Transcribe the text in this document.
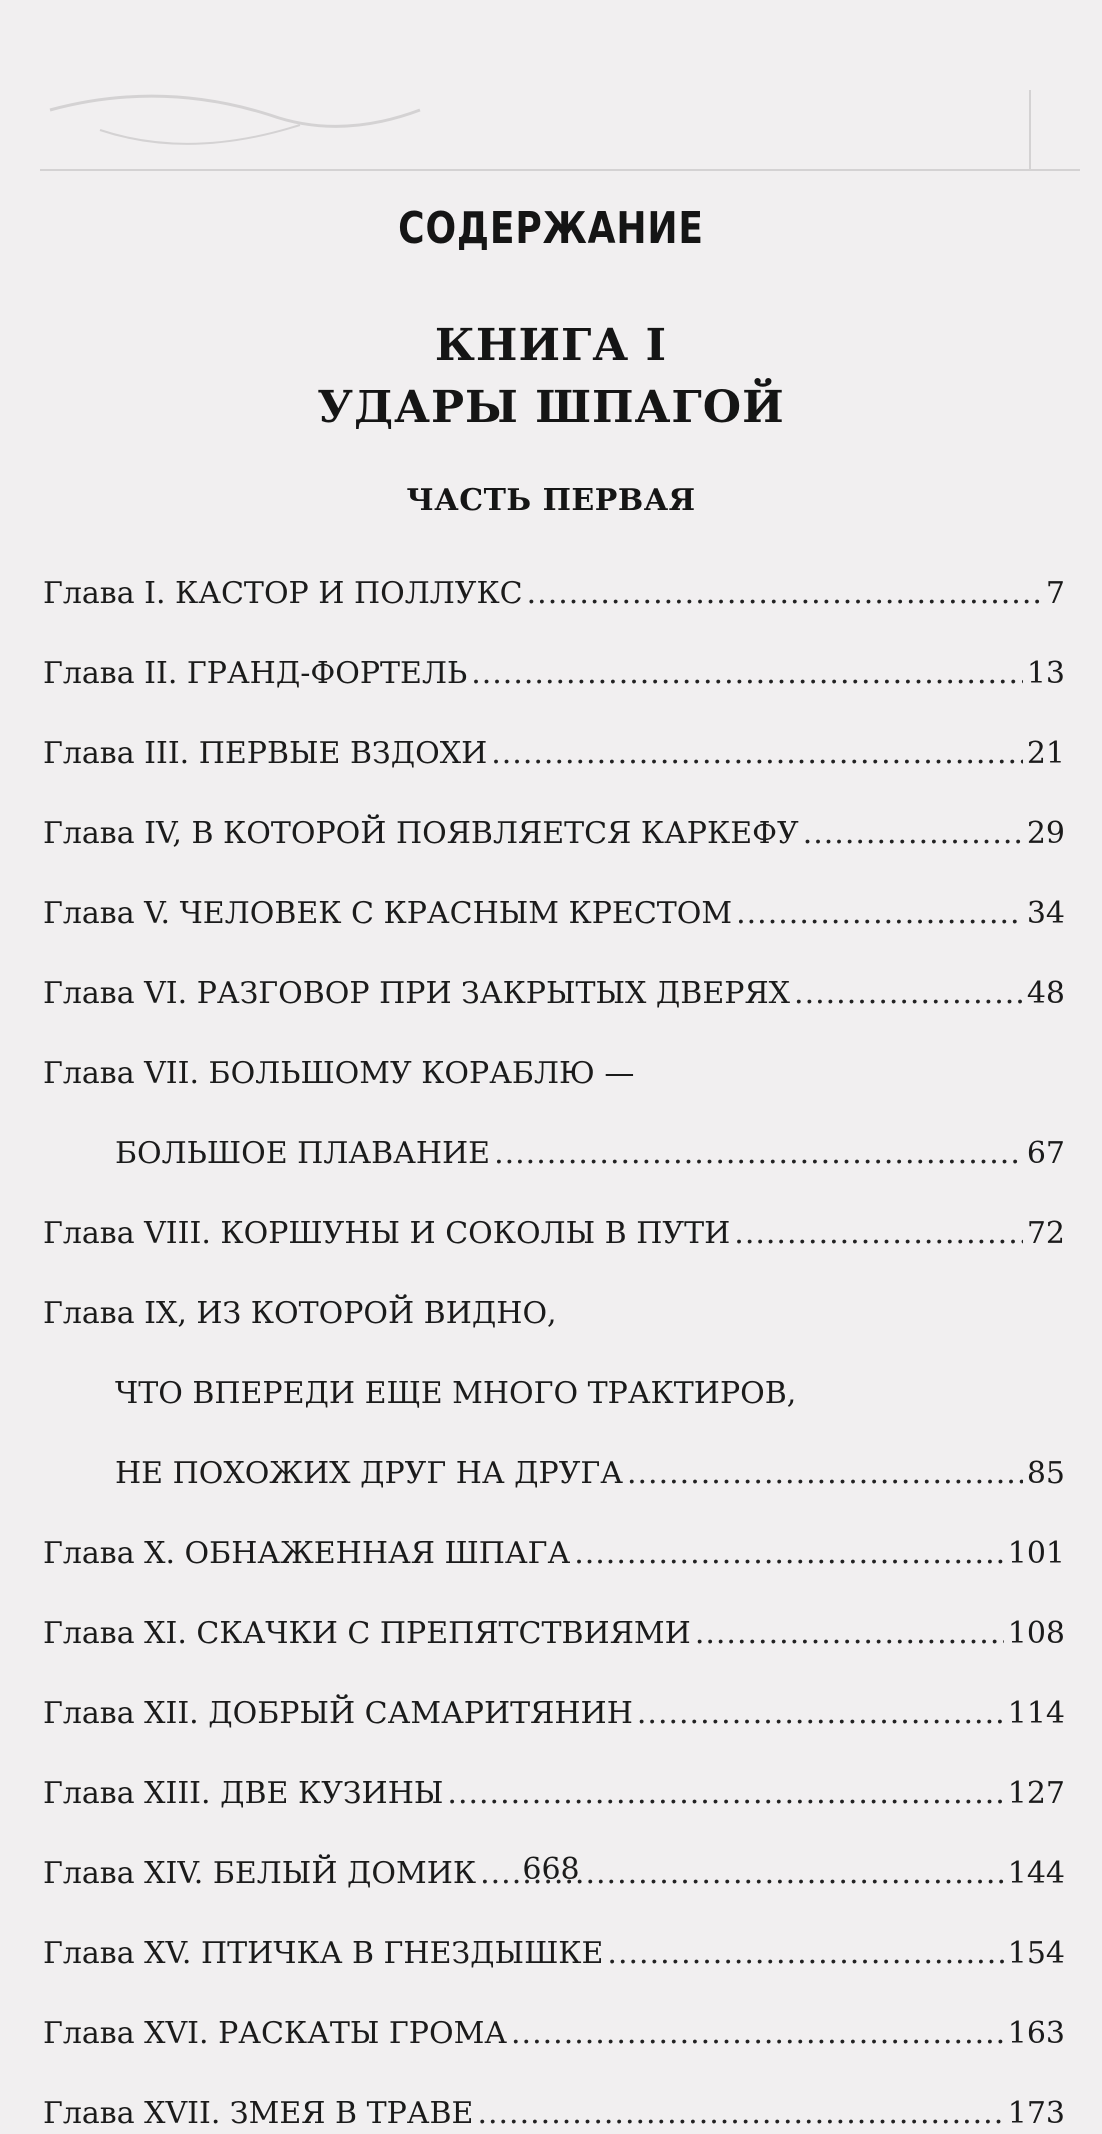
СОДЕРЖАНИЕ
КНИГА I
УДАРЫ ШПАГОЙ
ЧАСТЬ ПЕРВАЯ
Глава I. КАСТОР И ПОЛЛУКС .....	7
Глава II. ГРАНД-ФОРТЕЛЬ .....	13
Глава III. ПЕРВЫЕ ВЗДОХИ .....	21
Глава IV, В КОТОРОЙ ПОЯВЛЯЕТСЯ КАРКЕФУ .....	29
Глава V. ЧЕЛОВЕК С КРАСНЫМ КРЕСТОМ .....	34
Глава VI. РАЗГОВОР ПРИ ЗАКРЫТЫХ ДВЕРЯХ .....	48
Глава VII. БОЛЬШОМУ КОРАБЛЮ —
БОЛЬШОЕ ПЛАВАНИЕ .....	67
Глава VIII. КОРШУНЫ И СОКОЛЫ В ПУТИ .....	72
Глава IX, ИЗ КОТОРОЙ ВИДНО,
ЧТО ВПЕРЕДИ ЕЩЕ МНОГО ТРАКТИРОВ,
НЕ ПОХОЖИХ ДРУГ НА ДРУГА .....	85
Глава X. ОБНАЖЕННАЯ ШПАГА .....	101
Глава XI. СКАЧКИ С ПРЕПЯТСТВИЯМИ .....	108
Глава XII. ДОБРЫЙ САМАРИТЯНИН .....	114
Глава XIII. ДВЕ КУЗИНЫ .....	127
Глава XIV. БЕЛЫЙ ДОМИК .....	144
Глава XV. ПТИЧКА В ГНЕЗДЫШКЕ .....	154
Глава XVI. РАСКАТЫ ГРОМА .....	163
Глава XVII. ЗМЕЯ В ТРАВЕ .....	173
668
